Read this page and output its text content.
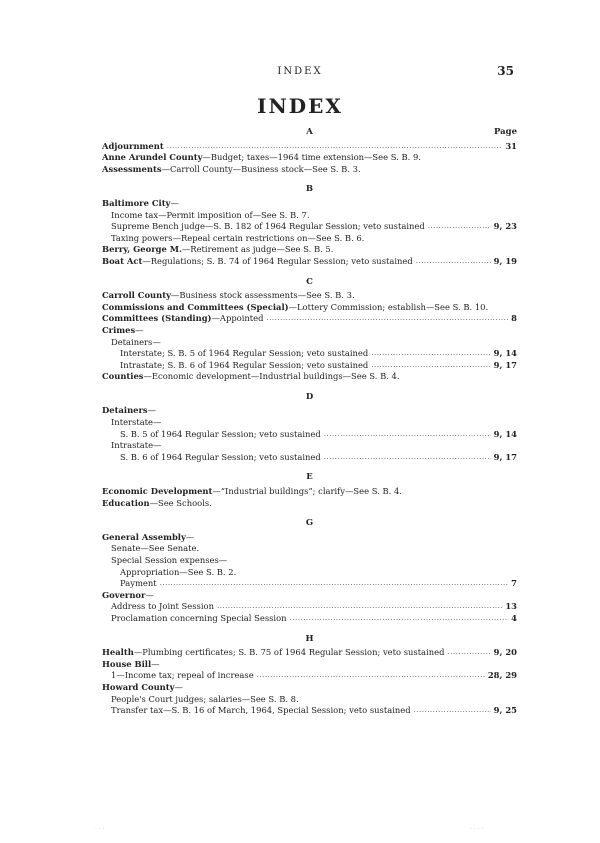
INDEX	35
INDEX
A	Page
Adjournment .....	31
Anne Arundel County—Budget; taxes—1964 time extension—See S. B. 9.
Assessments—Carroll County—Business stock—See S. B. 3.
B
Baltimore City—
Income tax—Permit imposition of—See S. B. 7.
Supreme Bench judge—S. B. 182 of 1964 Regular Session; veto sustained .....	9, 23
Taxing powers—Repeal certain restrictions on—See S. B. 6.
Berry, George M.—Retirement as judge—See S. B. 5.
Boat Act—Regulations; S. B. 74 of 1964 Regular Session; veto sustained .....	9, 19
C
Carroll County—Business stock assessments—See S. B. 3.
Commissions and Committees (Special)—Lottery Commission; establish—See S. B. 10.
Committees (Standing)—Appointed .....	8
Crimes—
Detainers—
Interstate; S. B. 5 of 1964 Regular Session; veto sustained .....	9, 14
Intrastate; S. B. 6 of 1964 Regular Session; veto sustained .....	9, 17
Counties—Economic development—Industrial buildings—See S. B. 4.
D
Detainers—
Interstate—
S. B. 5 of 1964 Regular Session; veto sustained .....	9, 14
Intrastate—
S. B. 6 of 1964 Regular Session; veto sustained .....	9, 17
E
Economic Development—“Industrial buildings”; clarify—See S. B. 4.
Education—See Schools.
G
General Assembly—
Senate—See Senate.
Special Session expenses—
Appropriation—See S. B. 2.
Payment .....	7
Governor—
Address to Joint Session .....	13
Proclamation concerning Special Session .....	4
H
Health—Plumbing certificates; S. B. 75 of 1964 Regular Session; veto sustained .....	9, 20
House Bill—
1—Income tax; repeal of increase .....	28, 29
Howard County—
People's Court judges; salaries—See S. B. 8.
Transfer tax—S. B. 16 of March, 1964, Special Session; veto sustained .....	9, 25
· · ·	· · · ·
